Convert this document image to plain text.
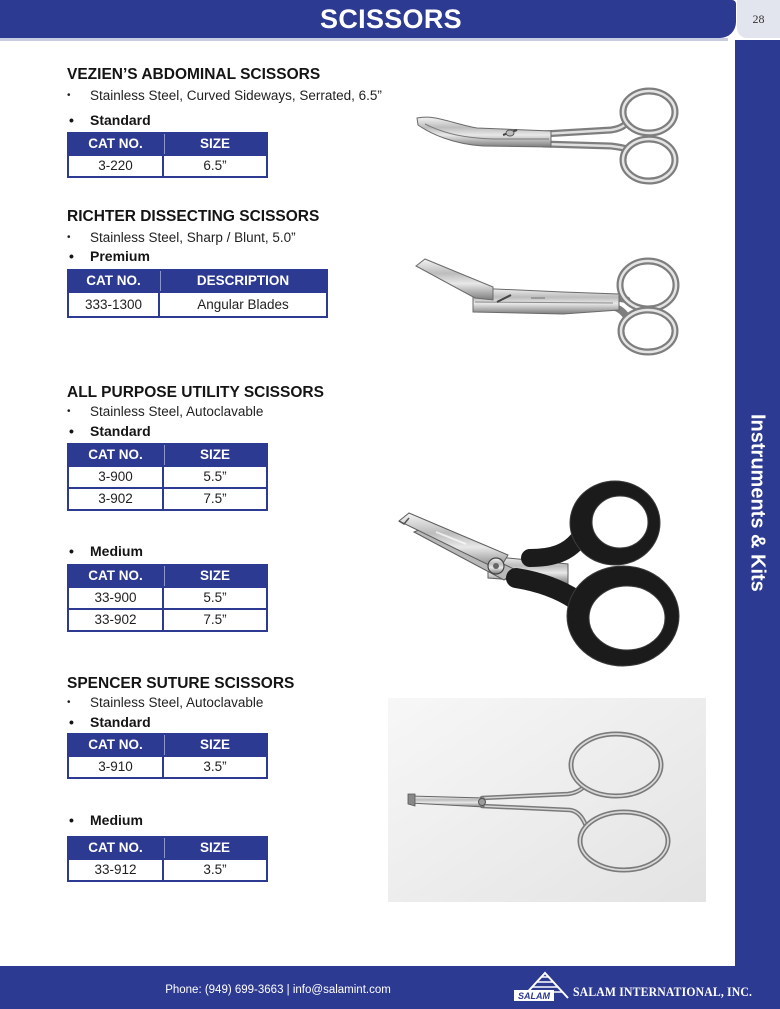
SCISSORS	28
Instruments & Kits
VEZIEN’S ABDOMINAL SCISSORS
• Stainless Steel, Curved Sideways, Serrated, 6.5”
• Standard
CAT NO.	SIZE
3-220	6.5”
RICHTER DISSECTING SCISSORS
• Stainless Steel, Sharp / Blunt, 5.0”
• Premium
CAT NO.	DESCRIPTION
333-1300	Angular Blades
ALL PURPOSE UTILITY SCISSORS
• Stainless Steel, Autoclavable
• Standard
CAT NO.	SIZE
3-900	5.5”
3-902	7.5”
• Medium
CAT NO.	SIZE
33-900	5.5”
33-902	7.5”
SPENCER SUTURE SCISSORS
• Stainless Steel, Autoclavable
• Standard
CAT NO.	SIZE
3-910	3.5”
• Medium
CAT NO.	SIZE
33-912	3.5”
Phone: (949) 699-3663 | info@salamint.com	SALAM SALAM INTERNATIONAL, INC.
